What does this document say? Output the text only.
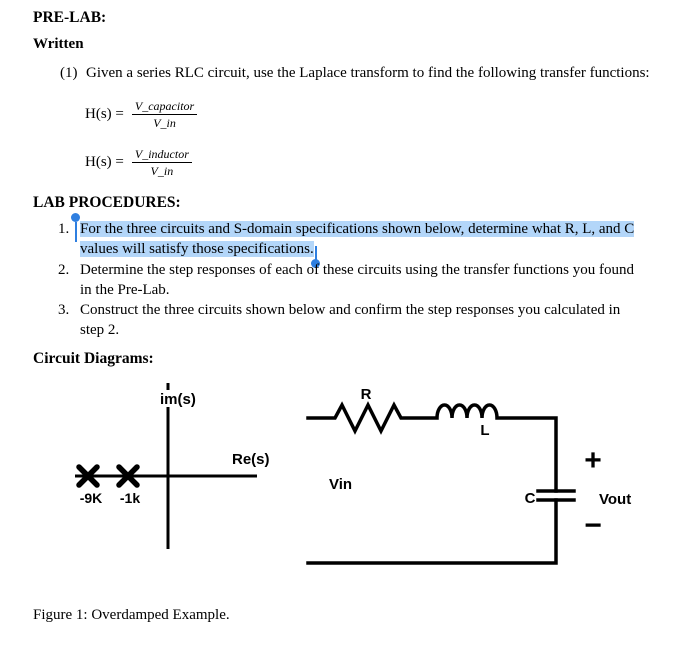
PRE-LAB:
Written
(1) Given a series RLC circuit, use the Laplace transform to find the following transfer functions:
$H(s) = \frac{\text{V\_capacitor}}{V\_in}$
$H(s) = \frac{\text{V\_inductor}}{V\_in}$
LAB PROCEDURES:
1. For the three circuits and S-domain specifications shown below, determine what R, L, and C values will satisfy those specifications.
2. Determine the step responses of each of these circuits using the transfer functions you found in the Pre-Lab.
3. Construct the three circuits shown below and confirm the step responses you calculated in step 2.
Circuit Diagrams:
im(s)
Re(s)
-9K -1k
R
L
Vin
C
+
Vout
−
Figure 1: Overdamped Example.
